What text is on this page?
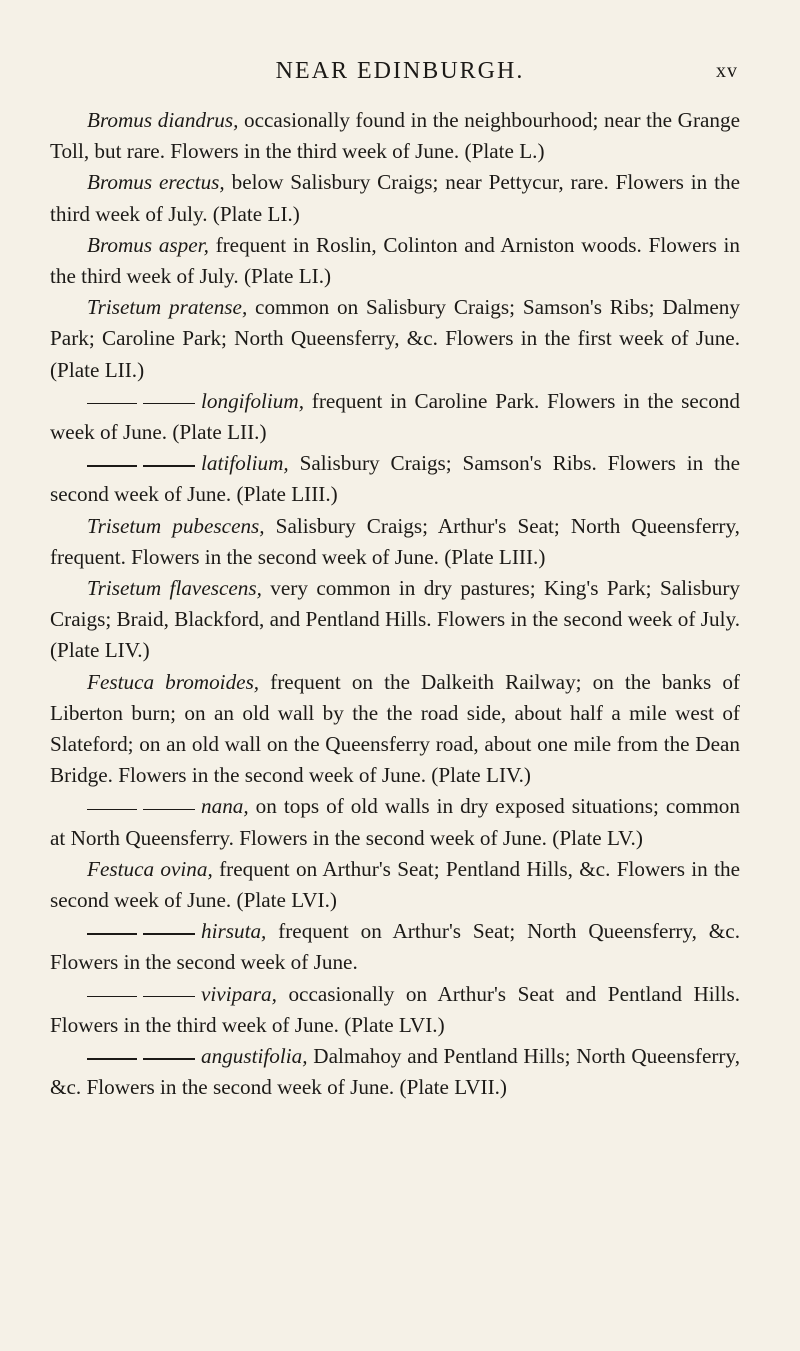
NEAR EDINBURGH.	xv

Bromus diandrus, occasionally found in the neighbourhood; near the Grange Toll, but rare. Flowers in the third week of June. (Plate L.)

Bromus erectus, below Salisbury Craigs; near Pettycur, rare. Flowers in the third week of July. (Plate LI.)

Bromus asper, frequent in Roslin, Colinton and Arniston woods. Flowers in the third week of July. (Plate LI.)

Trisetum pratense, common on Salisbury Craigs; Samson's Ribs; Dalmeny Park; Caroline Park; North Queensferry, &c. Flowers in the first week of June. (Plate LII.)

longifolium, frequent in Caroline Park. Flowers in the second week of June. (Plate LII.)

latifolium, Salisbury Craigs; Samson's Ribs. Flowers in the second week of June. (Plate LIII.)

Trisetum pubescens, Salisbury Craigs; Arthur's Seat; North Queensferry, frequent. Flowers in the second week of June. (Plate LIII.)

Trisetum flavescens, very common in dry pastures; King's Park; Salisbury Craigs; Braid, Blackford, and Pentland Hills. Flowers in the second week of July. (Plate LIV.)

Festuca bromoides, frequent on the Dalkeith Railway; on the banks of Liberton burn; on an old wall by the the road side, about half a mile west of Slateford; on an old wall on the Queensferry road, about one mile from the Dean Bridge. Flowers in the second week of June. (Plate LIV.)

nana, on tops of old walls in dry exposed situations; common at North Queensferry. Flowers in the second week of June. (Plate LV.)

Festuca ovina, frequent on Arthur's Seat; Pentland Hills, &c. Flowers in the second week of June. (Plate LVI.)

hirsuta, frequent on Arthur's Seat; North Queensferry, &c. Flowers in the second week of June.

vivipara, occasionally on Arthur's Seat and Pentland Hills. Flowers in the third week of June. (Plate LVI.)

angustifolia, Dalmahoy and Pentland Hills; North Queensferry, &c. Flowers in the second week of June. (Plate LVII.)
